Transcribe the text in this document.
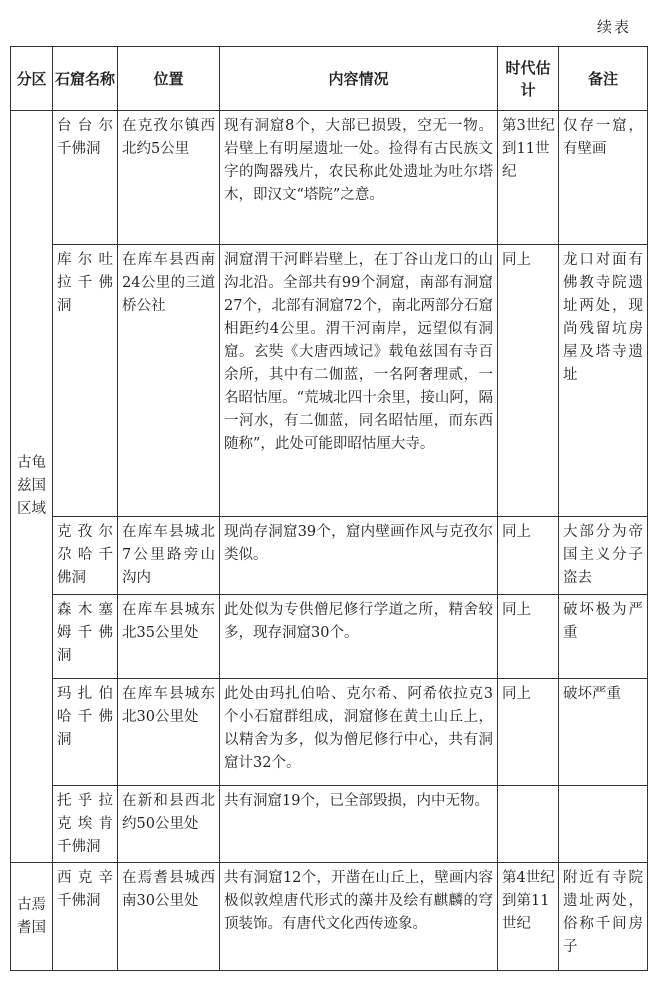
续表
分区	石窟名称	位置	内容情况	时代估计	备注
古龟兹国区域	台台尔千佛洞	在克孜尔镇西北约5公里	现有洞窟8个，大部已损毁，空无一物。岩壁上有明屋遗址一处。捡得有古民族文字的陶器残片，农民称此处遗址为吐尔塔木，即汉文“塔院”之意。	第3世纪到11世纪	仅存一窟，有壁画
	库尔吐拉千佛洞	在库车县西南24公里的三道桥公社	洞窟渭干河畔岩壁上，在丁谷山龙口的山沟北沿。全部共有99个洞窟，南部有洞窟27个，北部有洞窟72个，南北两部分石窟相距约4公里。渭干河南岸，远望似有洞窟。玄奘《大唐西域记》载龟兹国有寺百余所，其中有二伽蓝，一名阿奢理贰，一名昭怙厘。“荒城北四十余里，接山阿，隔一河水，有二伽蓝，同名昭怙厘，而东西随称”，此处可能即昭怙厘大寺。	同上	龙口对面有佛教寺院遗址两处，现尚残留坑房屋及塔寺遗址
	克孜尔尕哈千佛洞	在库车县城北7公里路旁山沟内	现尚存洞窟39个，窟内壁画作风与克孜尔类似。	同上	大部分为帝国主义分子盗去
	森木塞姆千佛洞	在库车县城东北35公里处	此处似为专供僧尼修行学道之所，精舍较多，现存洞窟30个。	同上	破坏极为严重
	玛扎伯哈千佛洞	在库车县城东北30公里处	此处由玛扎伯哈、克尔希、阿希依拉克3个小石窟群组成，洞窟修在黄土山丘上，以精舍为多，似为僧尼修行中心，共有洞窟计32个。	同上	破坏严重
	托乎拉克埃肯千佛洞	在新和县西北约50公里处	共有洞窟19个，已全部毁损，内中无物。		
古焉耆国	西克辛千佛洞	在焉耆县城西南30公里处	共有洞窟12个，开凿在山丘上，壁画内容极似敦煌唐代形式的藻井及绘有麒麟的穹顶装饰。有唐代文化西传迹象。	第4世纪到第11世纪	附近有寺院遗址两处，俗称千间房子
